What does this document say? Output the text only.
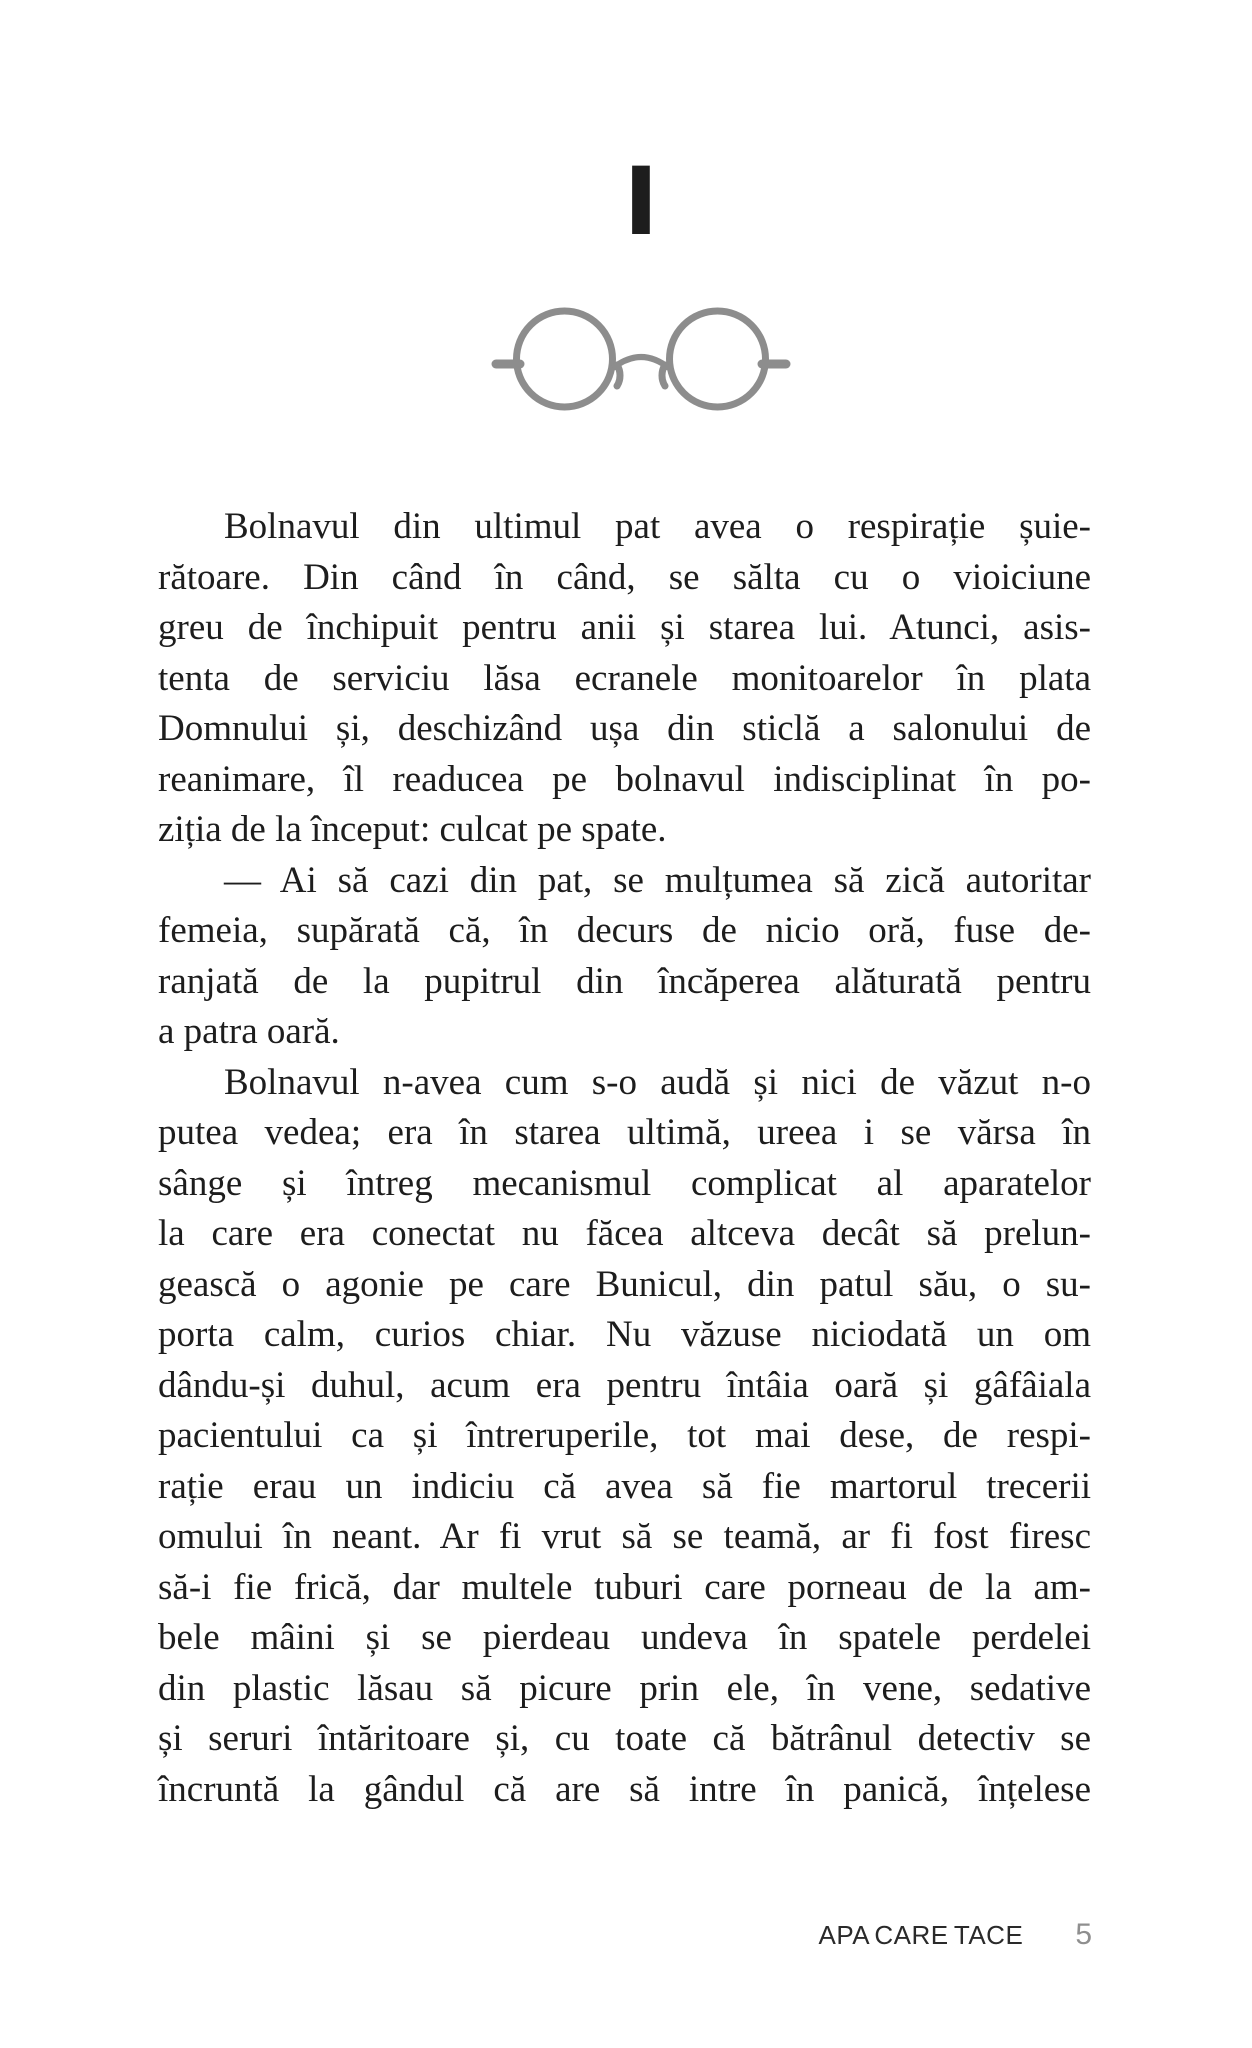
I
Bolnavul din ultimul pat avea o respirație șuie-
rătoare. Din când în când, se sălta cu o vioiciune
greu de închipuit pentru anii și starea lui. Atunci, asis-
tenta de serviciu lăsa ecranele monitoarelor în plata
Domnului și, deschizând ușa din sticlă a salonului de
reanimare, îl readucea pe bolnavul indisciplinat în po-
ziția de la început: culcat pe spate.
— Ai să cazi din pat, se mulțumea să zică autoritar
femeia, supărată că, în decurs de nicio oră, fuse de-
ranjată de la pupitrul din încăperea alăturată pentru
a patra oară.
Bolnavul n-avea cum s-o audă și nici de văzut n-o
putea vedea; era în starea ultimă, ureea i se vărsa în
sânge și întreg mecanismul complicat al aparatelor
la care era conectat nu făcea altceva decât să prelun-
gească o agonie pe care Bunicul, din patul său, o su-
porta calm, curios chiar. Nu văzuse niciodată un om
dându-și duhul, acum era pentru întâia oară și gâfâiala
pacientului ca și întreruperile, tot mai dese, de respi-
rație erau un indiciu că avea să fie martorul trecerii
omului în neant. Ar fi vrut să se teamă, ar fi fost firesc
să-i fie frică, dar multele tuburi care porneau de la am-
bele mâini și se pierdeau undeva în spatele perdelei
din plastic lăsau să picure prin ele, în vene, sedative
și seruri întăritoare și, cu toate că bătrânul detectiv se
încruntă la gândul că are să intre în panică, înțelese
APA CARE TACE 5
